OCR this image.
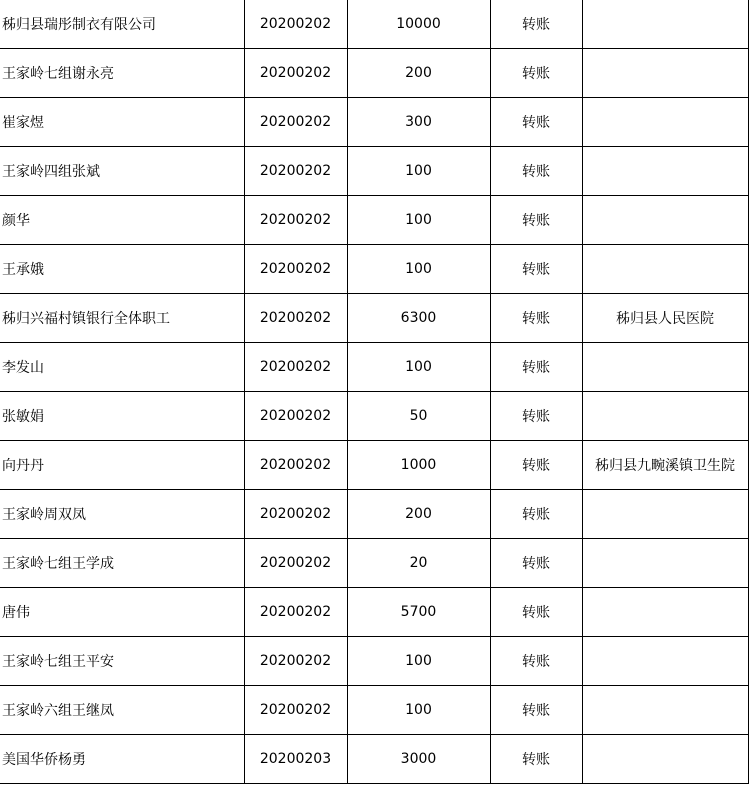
秭归县瑞彤制衣有限公司	20200202	10000	转账	
王家岭七组谢永亮	20200202	200	转账	
崔家煜	20200202	300	转账	
王家岭四组张斌	20200202	100	转账	
颜华	20200202	100	转账	
王承娥	20200202	100	转账	
秭归兴福村镇银行全体职工	20200202	6300	转账	秭归县人民医院
李发山	20200202	100	转账	
张敏娟	20200202	50	转账	
向丹丹	20200202	1000	转账	秭归县九畹溪镇卫生院
王家岭周双凤	20200202	200	转账	
王家岭七组王学成	20200202	20	转账	
唐伟	20200202	5700	转账	
王家岭七组王平安	20200202	100	转账	
王家岭六组王继凤	20200202	100	转账	
美国华侨杨勇	20200203	3000	转账	
